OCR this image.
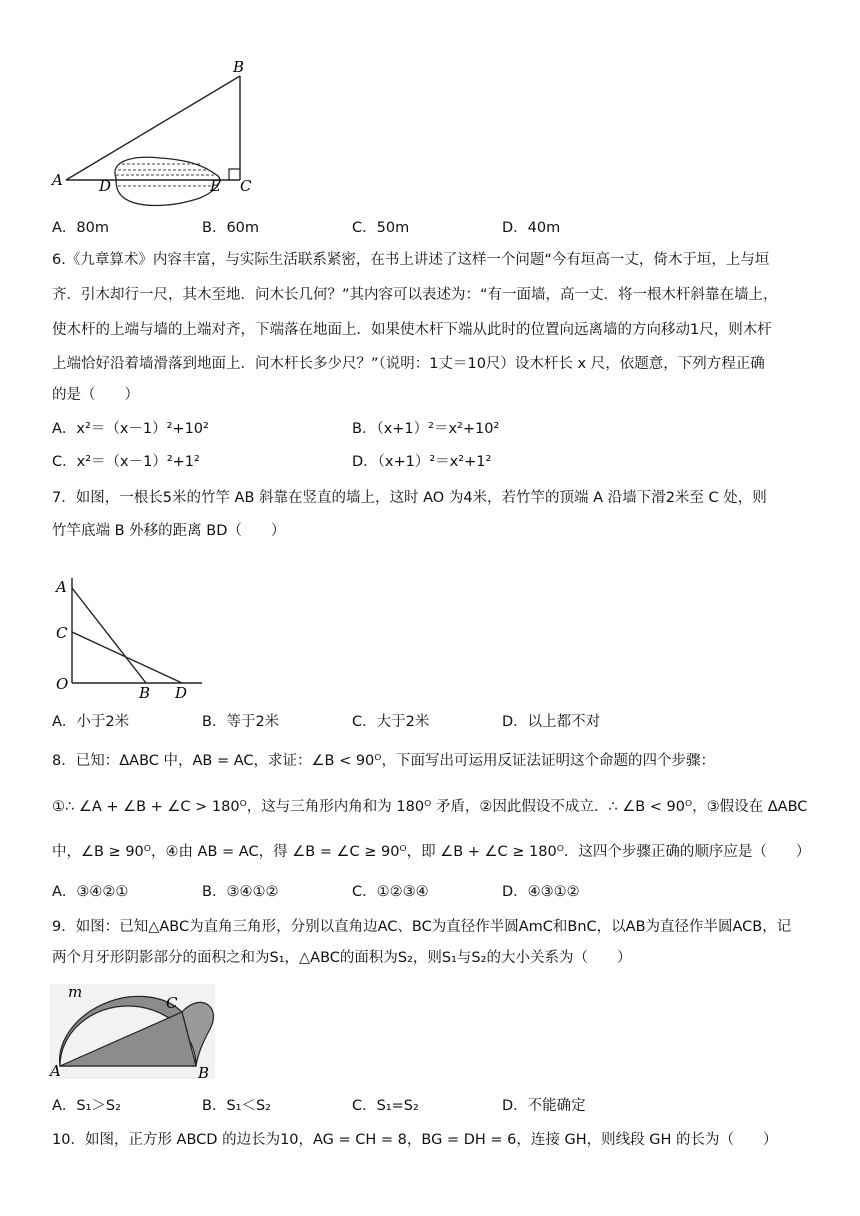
B
A D	E C
A．80m	B．60m	C．50m	D．40m
6.《九章算术》内容丰富，与实际生活联系紧密，在书上讲述了这样一个问题“今有垣高一丈，倚木于垣，上与垣
齐．引木却行一尺，其木至地．问木长几何？”其内容可以表述为：“有一面墙，高一丈．将一根木杆斜靠在墙上，
使木杆的上端与墙的上端对齐，下端落在地面上．如果使木杆下端从此时的位置向远离墙的方向移动1尺，则木杆
上端恰好沿着墙滑落到地面上．问木杆长多少尺？”（说明：1丈＝10尺）设木杆长 x 尺，依题意，下列方程正确
的是（　　）
A．x²＝（x－1）²+10²	B．（x+1）²＝x²+10²
C．x²＝（x－1）²+1²	D．（x+1）²＝x²+1²
7．如图，一根长5米的竹竿 AB 斜靠在竖直的墙上，这时 AO 为4米，若竹竿的顶端 A 沿墙下滑2米至 C 处，则
竹竿底端 B 外移的距离 BD（　　）
A
C
O	B D
A．小于2米	B．等于2米	C．大于2米	D．以上都不对
8．已知：ΔABC 中，AB = AC，求证：∠B < 90ᴼ，下面写出可运用反证法证明这个命题的四个步骤：
①∴ ∠A + ∠B + ∠C > 180ᴼ，这与三角形内角和为 180ᴼ 矛盾，②因此假设不成立．∴ ∠B < 90ᴼ，③假设在 ΔABC
中，∠B ≥ 90ᴼ，④由 AB = AC，得 ∠B = ∠C ≥ 90ᴼ，即 ∠B + ∠C ≥ 180ᴼ．这四个步骤正确的顺序应是（　　）
A．③④②①	B．③④①②	C．①②③④	D．④③①②
9．如图：已知△ABC为直角三角形，分别以直角边AC、BC为直径作半圆AmC和BnC，以AB为直径作半圆ACB，记
两个月牙形阴影部分的面积之和为S₁，△ABC的面积为S₂，则S₁与S₂的大小关系为（　　）
m
C
A	B
A．S₁＞S₂	B．S₁＜S₂	C．S₁=S₂	D．不能确定
10．如图，正方形 ABCD 的边长为10，AG = CH = 8，BG = DH = 6，连接 GH，则线段 GH 的长为（　　）
